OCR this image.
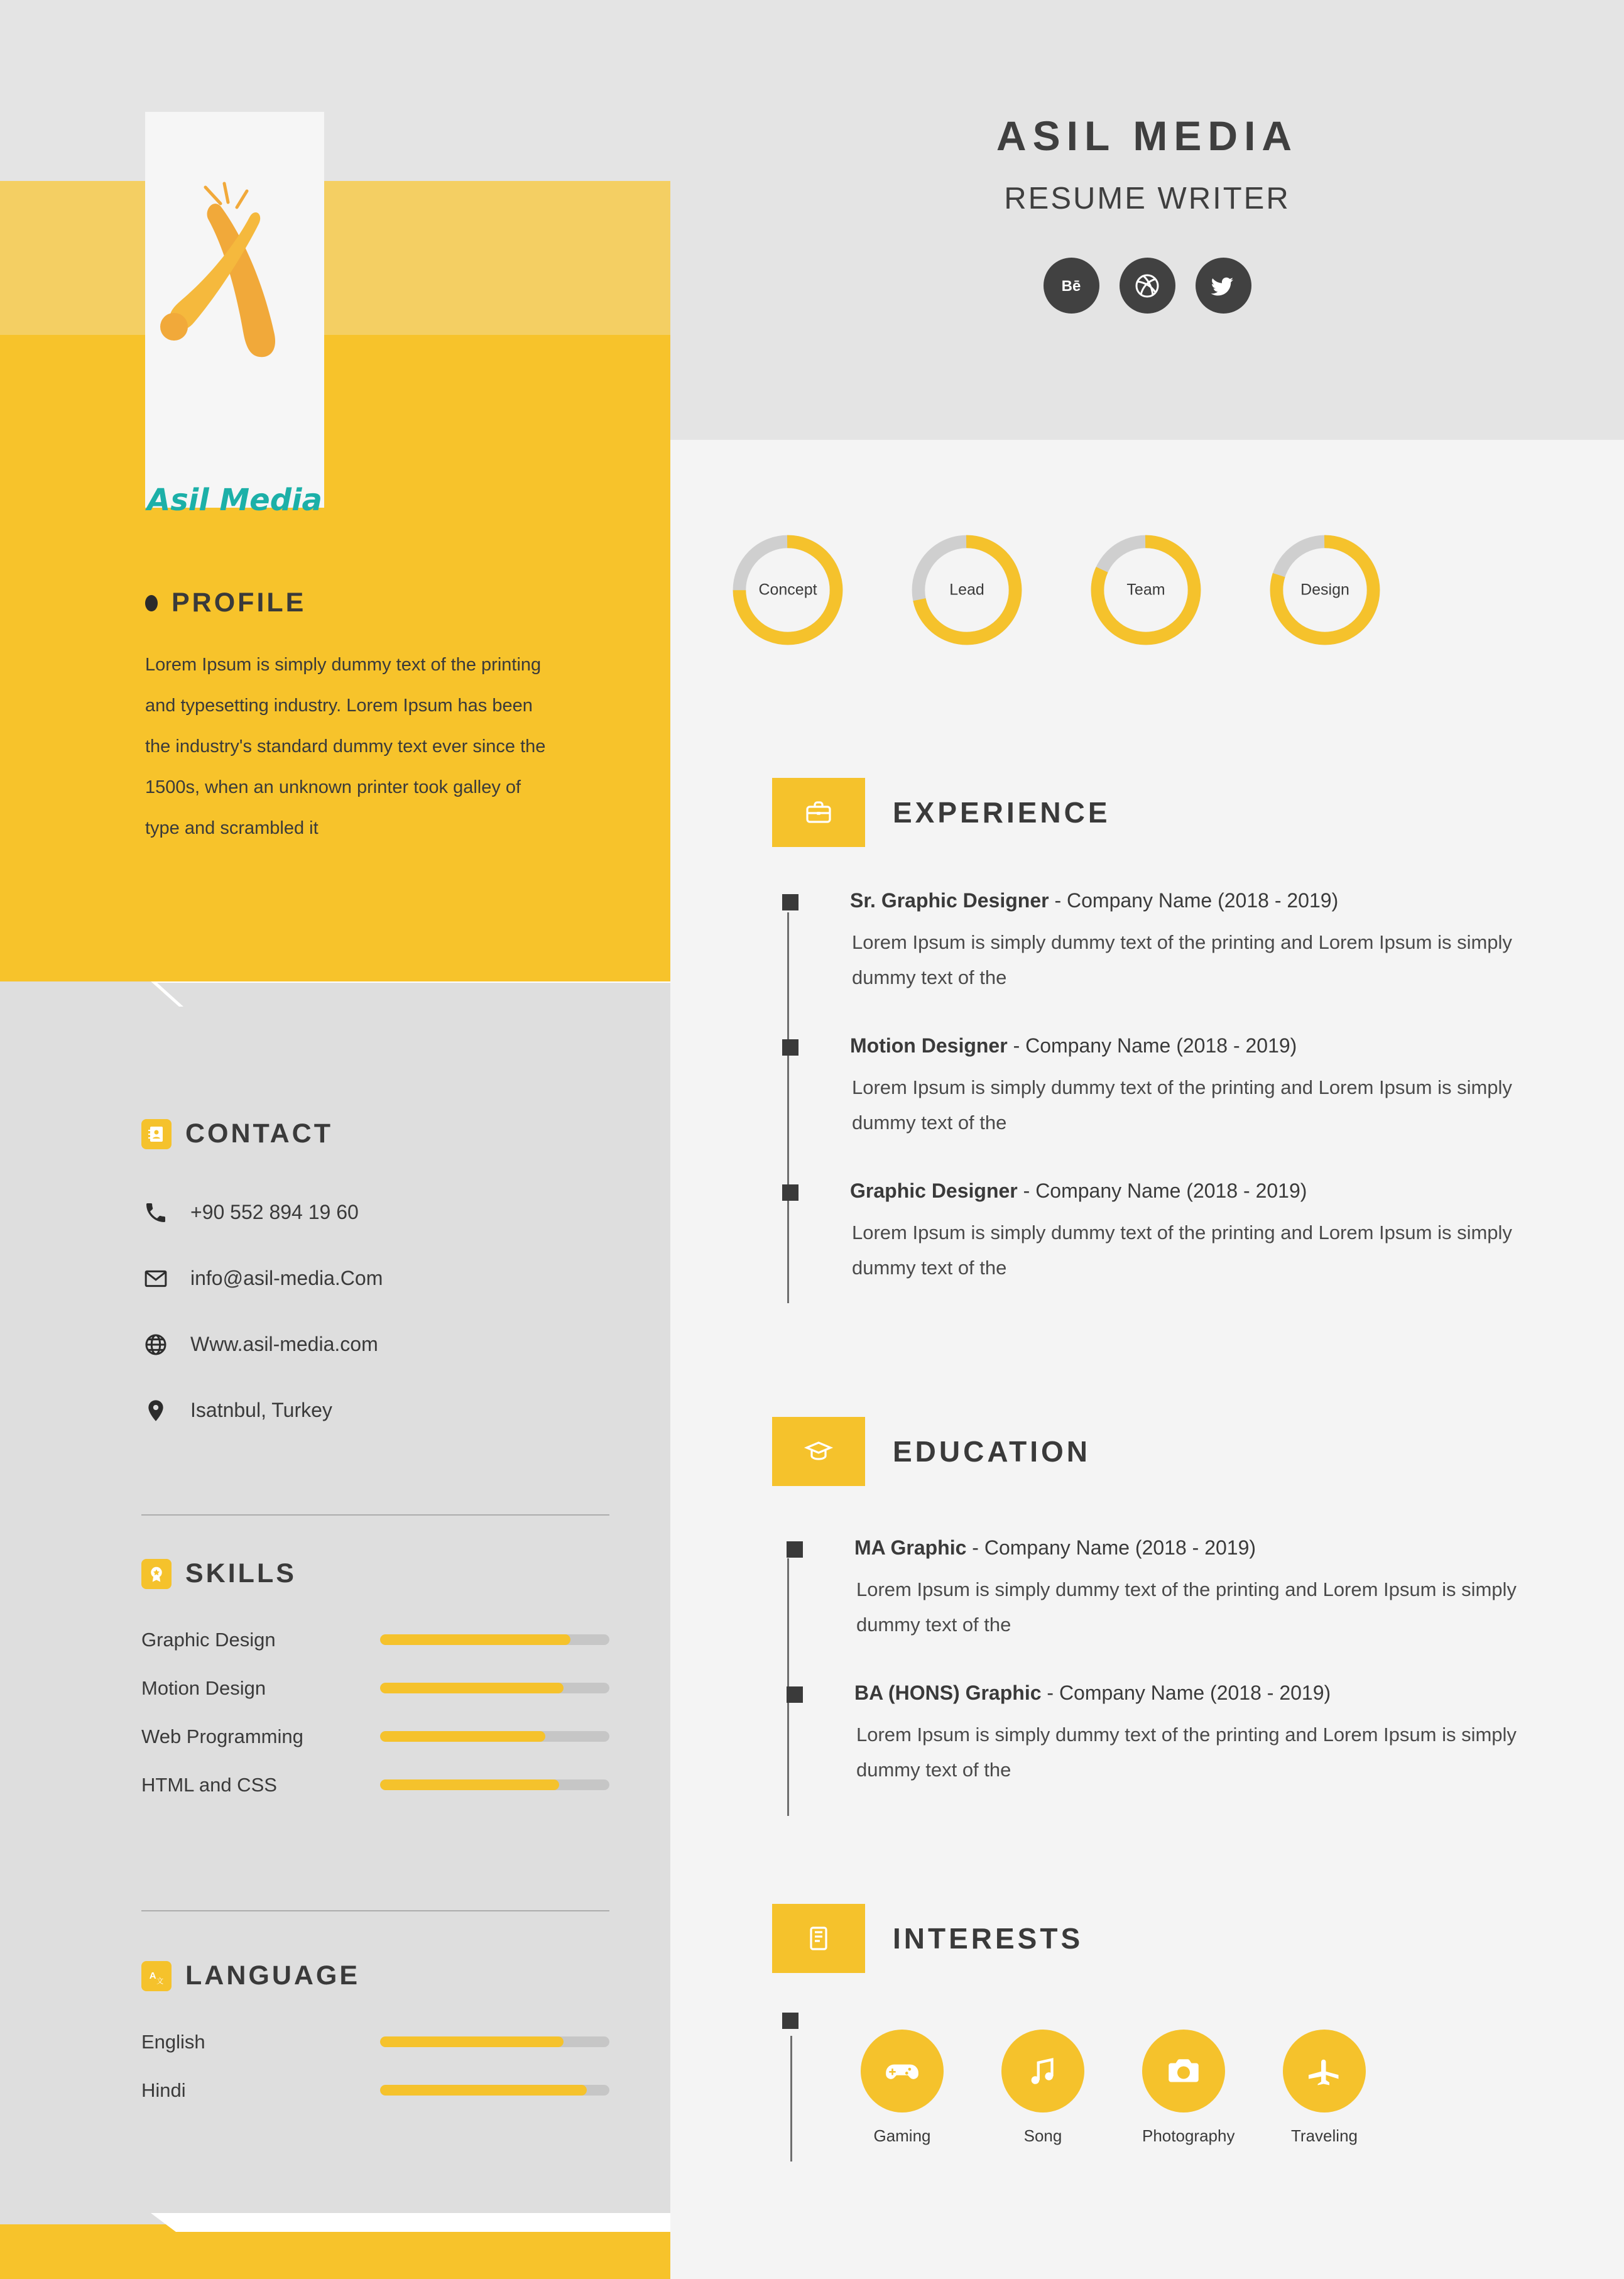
Asil Media
ASIL MEDIA
RESUME WRITER
Bē
PROFILE
Lorem Ipsum is simply dummy text of the printing and typesetting industry. Lorem Ipsum has been the industry's standard dummy text ever since the 1500s, when an unknown printer took galley of type and scrambled it
CONTACT
+90 552 894 19 60
info@asil-media.Com
Www.asil-media.com
Isatnbul, Turkey
SKILLS
Graphic Design
Motion Design
Web Programming
HTML and CSS
A
文 LANGUAGE
English
Hindi
Concept	Lead	Team	Design
EXPERIENCE
Sr. Graphic Designer - Company Name (2018 - 2019)
Lorem Ipsum is simply dummy text of the printing and Lorem Ipsum is simply dummy text of the
Motion Designer - Company Name (2018 - 2019)
Lorem Ipsum is simply dummy text of the printing and Lorem Ipsum is simply dummy text of the
Graphic Designer - Company Name (2018 - 2019)
Lorem Ipsum is simply dummy text of the printing and Lorem Ipsum is simply dummy text of the
EDUCATION
MA Graphic - Company Name (2018 - 2019)
Lorem Ipsum is simply dummy text of the printing and Lorem Ipsum is simply dummy text of the
BA (HONS) Graphic - Company Name (2018 - 2019)
Lorem Ipsum is simply dummy text of the printing and Lorem Ipsum is simply dummy text of the
INTERESTS
Gaming	Song	Photography	Traveling
